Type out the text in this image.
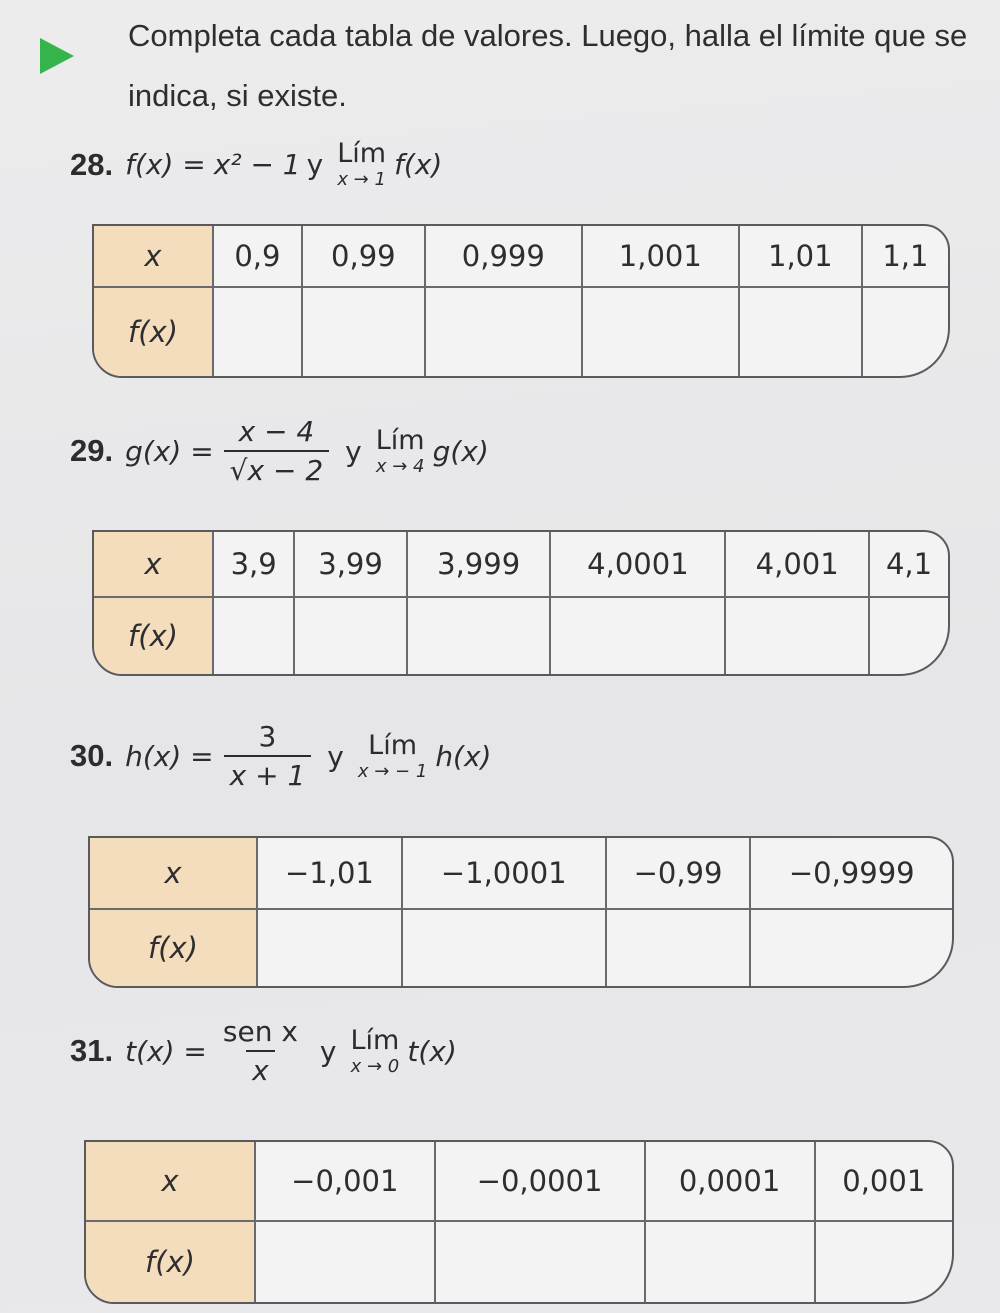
Completa cada tabla de valores. Luego, halla el límite que se indica, si existe.
28. f(x) = x² − 1 y Lím
x → 1 f(x)
x	0,9	0,99	0,999	1,001	1,01	1,1
f(x)						
29. $g(x) = \frac{x - 4}{√x - 2}$ y Lím
x → 4 g(x)
x	3,9	3,99	3,999	4,0001	4,001	4,1
f(x)						
30. $h(x) = \frac{3}{x + 1}$ y Lím
x → − 1 h(x)
x	−1,01	−1,0001	−0,99	−0,9999
f(x)				
31. $t(x) = \frac{\text{sen x}}{x}$ y Lím
x → 0 t(x)
x	−0,001	−0,0001	0,0001	0,001
f(x)				
